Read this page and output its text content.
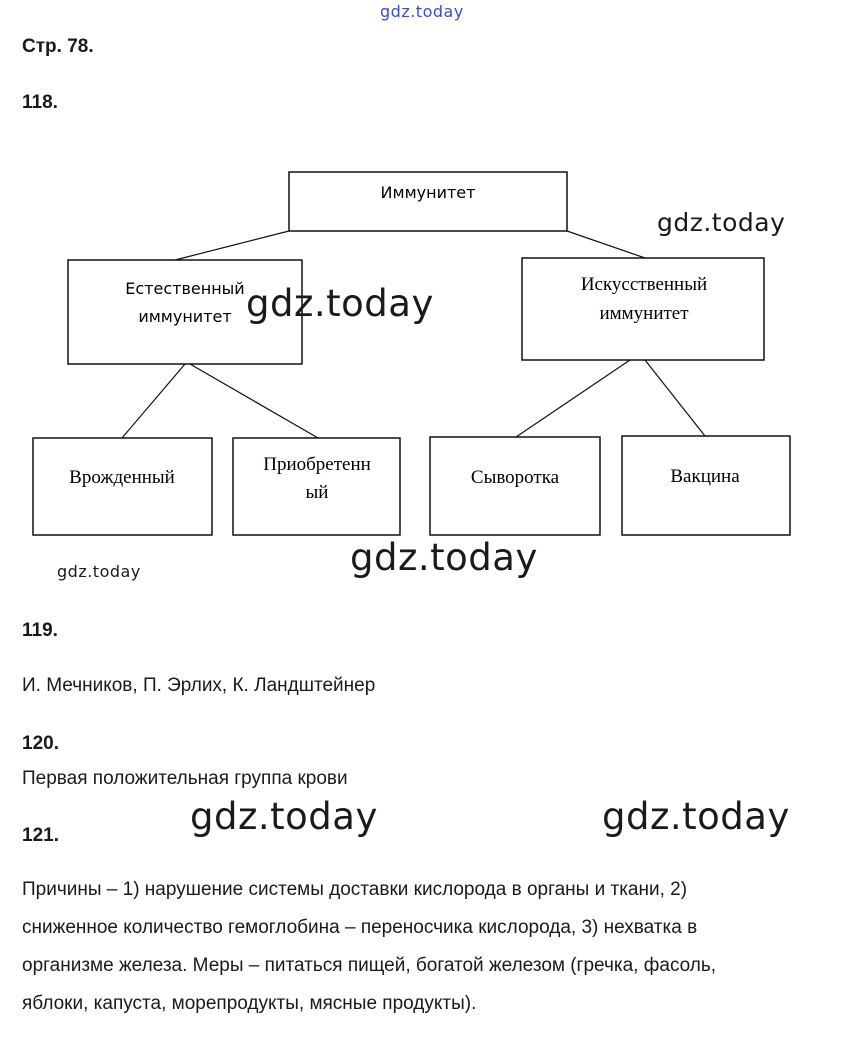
gdz.today
Стр. 78.
118.
Иммунитет
Естественный
иммунитет
Искусственный
иммунитет
Врожденный
Приобретенн
ый
Сыворотка	Вакцина
gdz.today
gdz.today
gdz.today
gdz.today
119.
И. Мечников, П. Эрлих, К. Ландштейнер
120.
Первая положительная группа крови
gdz.today	gdz.today
121.
Причины – 1) нарушение системы доставки кислорода в органы и ткани, 2)
сниженное количество гемоглобина – переносчика кислорода, 3) нехватка в
организме железа. Меры – питаться пищей, богатой железом (гречка, фасоль,
яблоки, капуста, морепродукты, мясные продукты).
